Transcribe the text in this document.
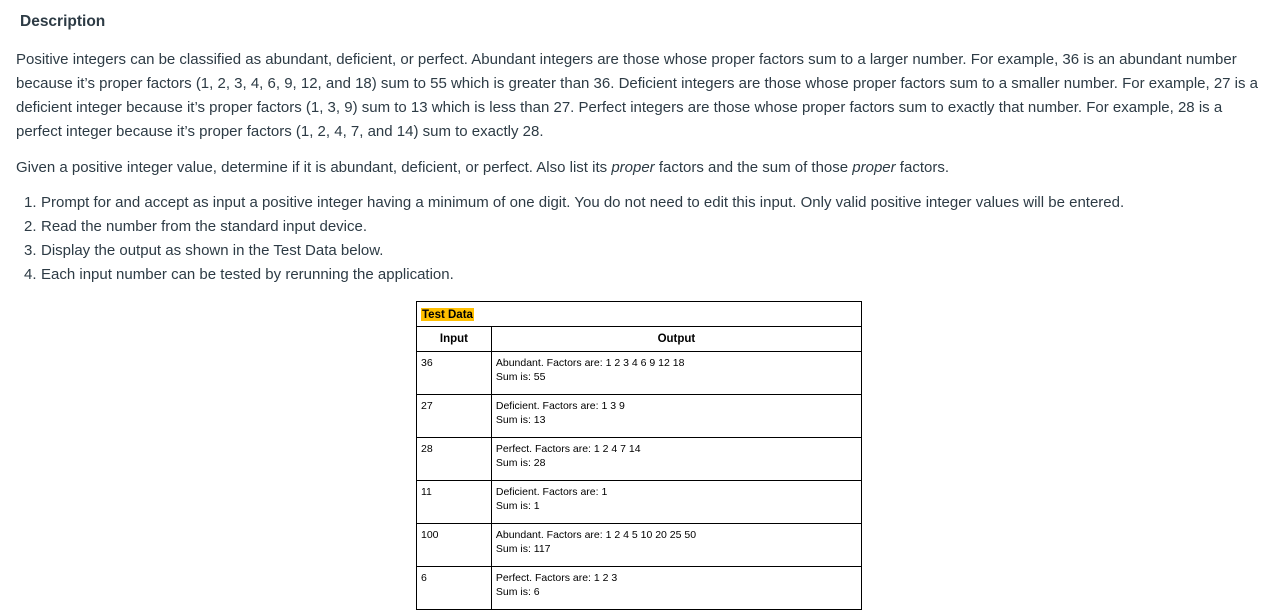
Description

Positive integers can be classified as abundant, deficient, or perfect. Abundant integers are those whose proper factors sum to a larger number. For example, 36 is an abundant number because it’s proper factors (1, 2, 3, 4, 6, 9, 12, and 18) sum to 55 which is greater than 36. Deficient integers are those whose proper factors sum to a smaller number. For example, 27 is a deficient integer because it’s proper factors (1, 3, 9) sum to 13 which is less than 27. Perfect integers are those whose proper factors sum to exactly that number. For example, 28 is a perfect integer because it’s proper factors (1, 2, 4, 7, and 14) sum to exactly 28.

Given a positive integer value, determine if it is abundant, deficient, or perfect. Also list its proper factors and the sum of those proper factors.

1. Prompt for and accept as input a positive integer having a minimum of one digit. You do not need to edit this input. Only valid positive integer values will be entered.
2. Read the number from the standard input device.
3. Display the output as shown in the Test Data below.
4. Each input number can be tested by rerunning the application.
Test Data	
Input	Output
36	Abundant. Factors are: 1 2 3 4 6 9 12 18
Sum is: 55

27	Deficient. Factors are: 1 3 9
Sum is: 13

28	Perfect. Factors are: 1 2 4 7 14
Sum is: 28

11	Deficient. Factors are: 1
Sum is: 1

100	Abundant. Factors are: 1 2 4 5 10 20 25 50
Sum is: 117

6	Perfect. Factors are: 1 2 3
Sum is: 6
